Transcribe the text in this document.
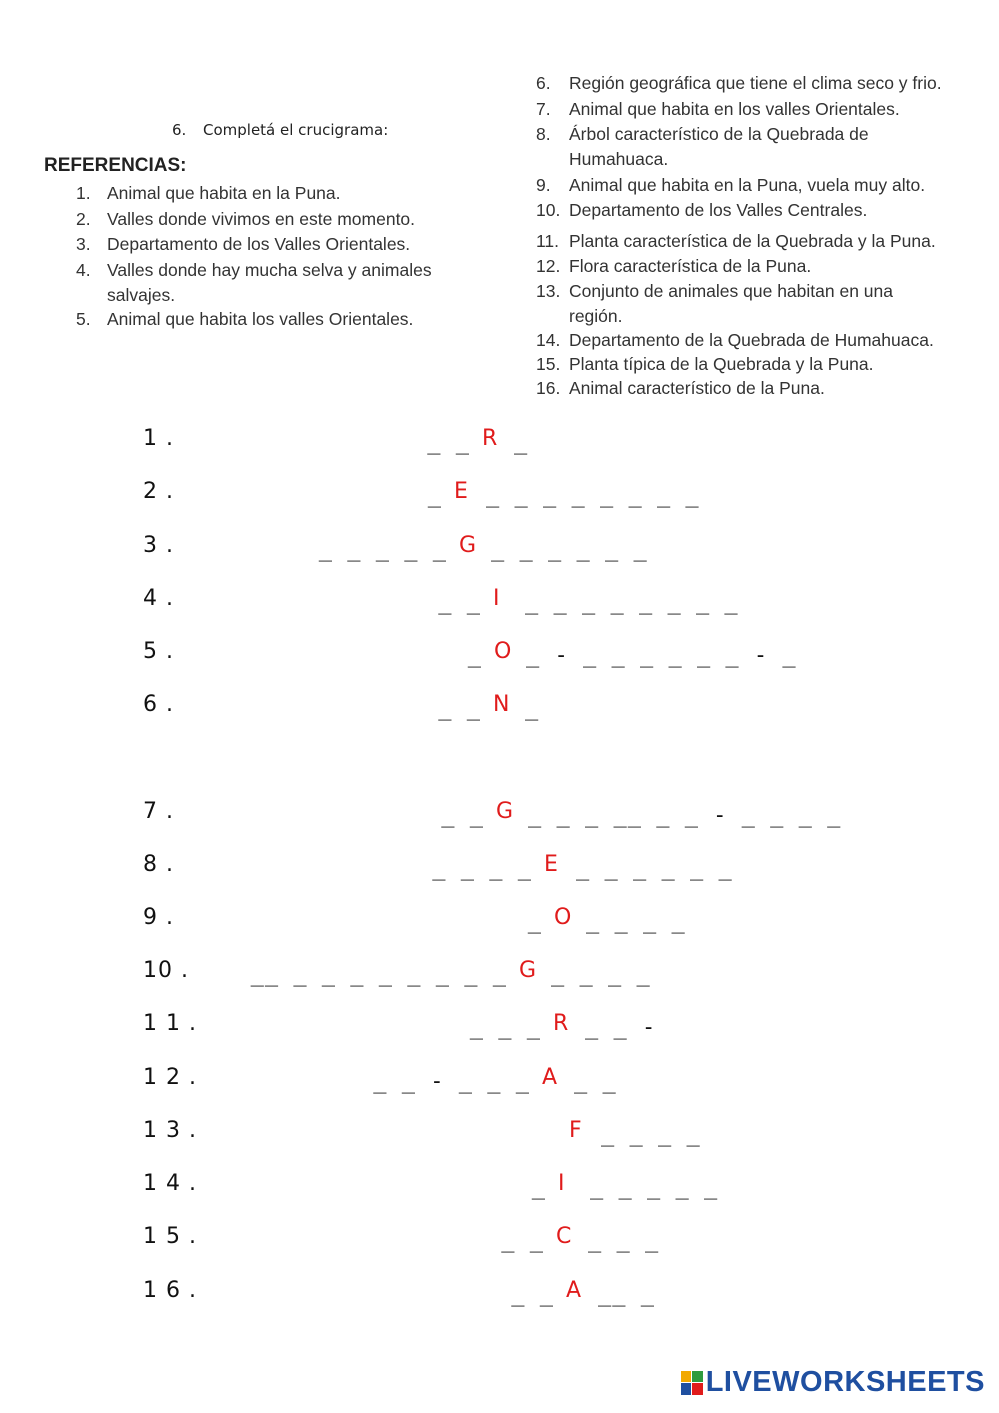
6. Completá el crucigrama:
REFERENCIAS:
1. Animal que habita en la Puna.
2. Valles donde vivimos en este momento.
3. Departamento de los Valles Orientales.
4. Valles donde hay mucha selva y animales
salvajes.
5. Animal que habita los valles Orientales.
6. Región geográfica que tiene el clima seco y frio.
7. Animal que habita en los valles Orientales.
8. Árbol característico de la Quebrada de
Humahuaca.
9. Animal que habita en la Puna, vuela muy alto.
10. Departamento de los Valles Centrales.
11. Planta característica de la Quebrada y la Puna.
12. Flora característica de la Puna.
13. Conjunto de animales que habitan en una
región.
14. Departamento de la Quebrada de Humahuaca.
15. Planta típica de la Quebrada y la Puna.
16. Animal característico de la Puna.
1 .	_ _ R _
2 .	_ E _ _ _ _ _ _ _ _
3 .	_ _ _ _ _ G _ _ _ _ _ _
4 .	_ _ I _ _ _ _ _ _ _ _
5 .	_ O _ - _ _ _ _ _ _ - _
6 .	_ _ N _
7 .	_ _ G _ _ _ __ _ _ - _ _ _ _
8 .	_ _ _ _ E _ _ _ _ _ _
9 .	_ O _ _ _ _
10 .	__ _ _ _ _ _ _ _ _ G _ _ _ _
1 1 .	_ _ _ R _ _ -
1 2 .	_ _ - _ _ _ A _ _
1 3 .	F _ _ _ _
1 4 .	_ I _ _ _ _ _
1 5 .	_ _ C _ _ _
1 6 .	_ _ A __ _
LIVEWORKSHEETS
